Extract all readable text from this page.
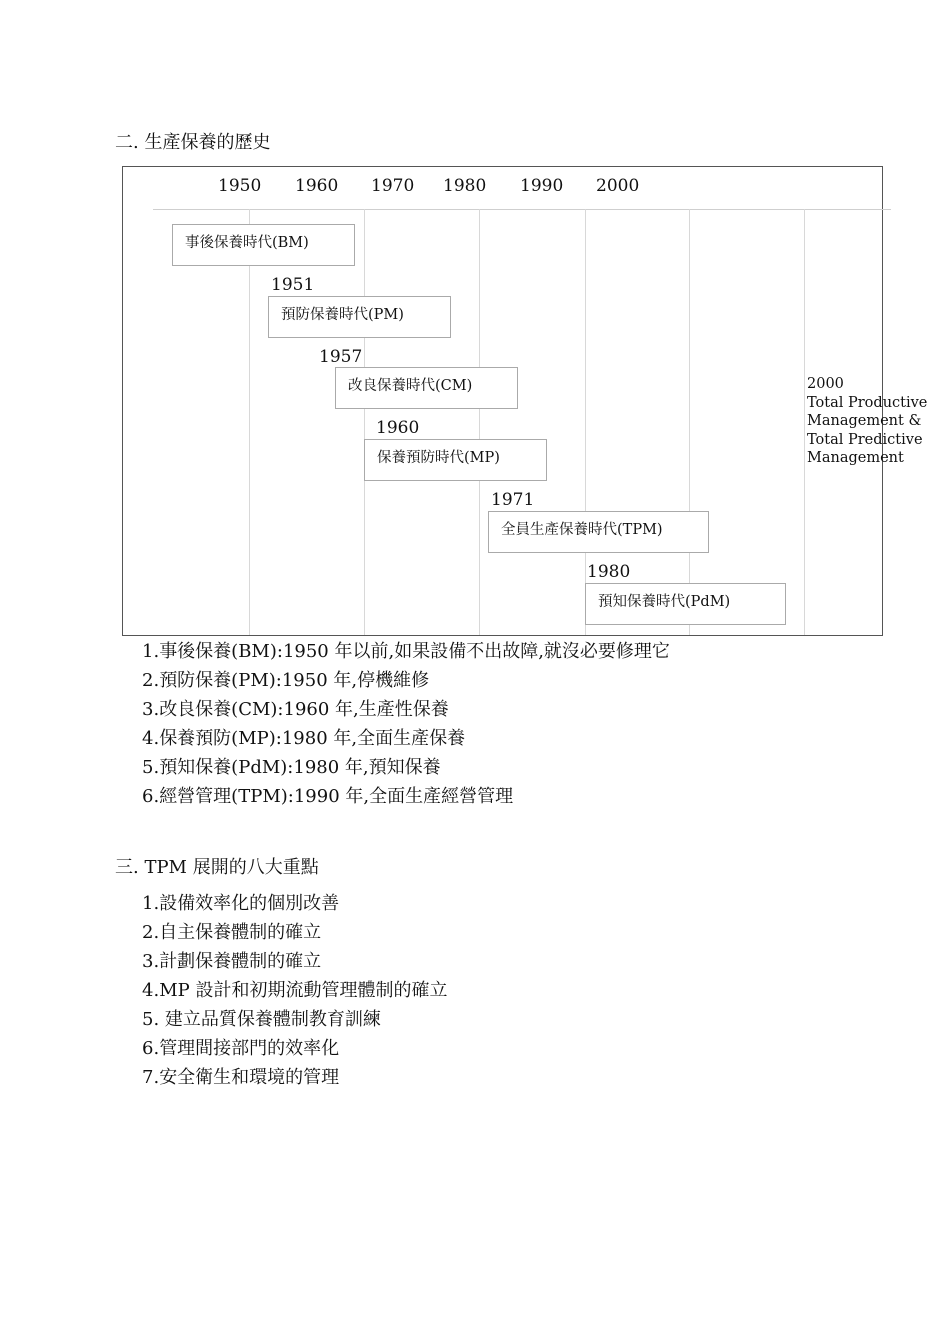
二. 生產保養的歷史
1950 1960 1970 1980 1990 2000
事後保養時代(BM)
1951
預防保養時代(PM)
1957
改良保養時代(CM)
1960
保養預防時代(MP)
1971
全員生產保養時代(TPM)
1980
預知保養時代(PdM)
2000
Total Productive
Management &
Total Predictive
Management
1.事後保養(BM):1950 年以前,如果設備不出故障,就沒必要修理它
2.預防保養(PM):1950 年,停機維修
3.改良保養(CM):1960 年,生產性保養
4.保養預防(MP):1980 年,全面生產保養
5.預知保養(PdM):1980 年,預知保養
6.經營管理(TPM):1990 年,全面生產經營管理
三. TPM 展開的八大重點
1.設備效率化的個別改善
2.自主保養體制的確立
3.計劃保養體制的確立
4.MP 設計和初期流動管理體制的確立
5. 建立品質保養體制教育訓練
6.管理間接部門的效率化
7.安全衛生和環境的管理
